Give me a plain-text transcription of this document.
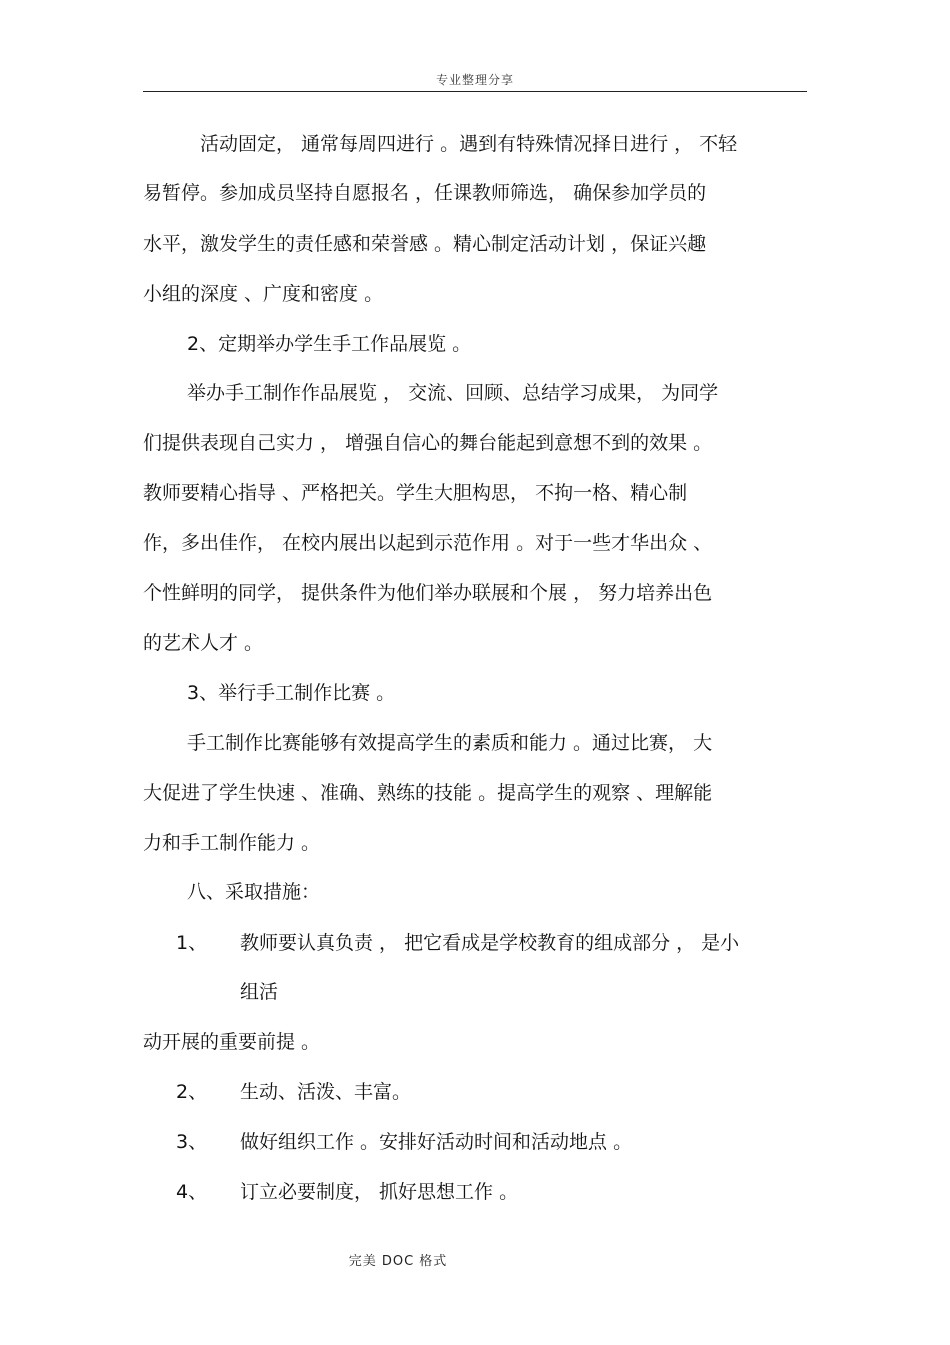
专业整理分享
活动固定， 通常每周四进行 。遇到有特殊情况择日进行 ， 不轻
易暂停。参加成员坚持自愿报名 ，任课教师筛选， 确保参加学员的
水平，激发学生的责任感和荣誉感 。精心制定活动计划 ，保证兴趣
小组的深度 、广度和密度 。
2、定期举办学生手工作品展览 。
举办手工制作作品展览 ， 交流、回顾、总结学习成果， 为同学
们提供表现自己实力 ， 增强自信心的舞台能起到意想不到的效果 。
教师要精心指导 、严格把关。学生大胆构思， 不拘一格、精心制
作，多出佳作， 在校内展出以起到示范作用 。对于一些才华出众 、
个性鲜明的同学， 提供条件为他们举办联展和个展 ， 努力培养出色
的艺术人才 。
3、举行手工制作比赛 。
手工制作比赛能够有效提高学生的素质和能力 。通过比赛， 大
大促进了学生快速 、准确、熟练的技能 。提高学生的观察 、理解能
力和手工制作能力 。
八、采取措施：
1、 教师要认真负责 ， 把它看成是学校教育的组成部分 ， 是小
组活
动开展的重要前提 。
2、 生动、活泼、丰富。
3、 做好组织工作 。安排好活动时间和活动地点 。
4、 订立必要制度， 抓好思想工作 。
完美 DOC 格式
